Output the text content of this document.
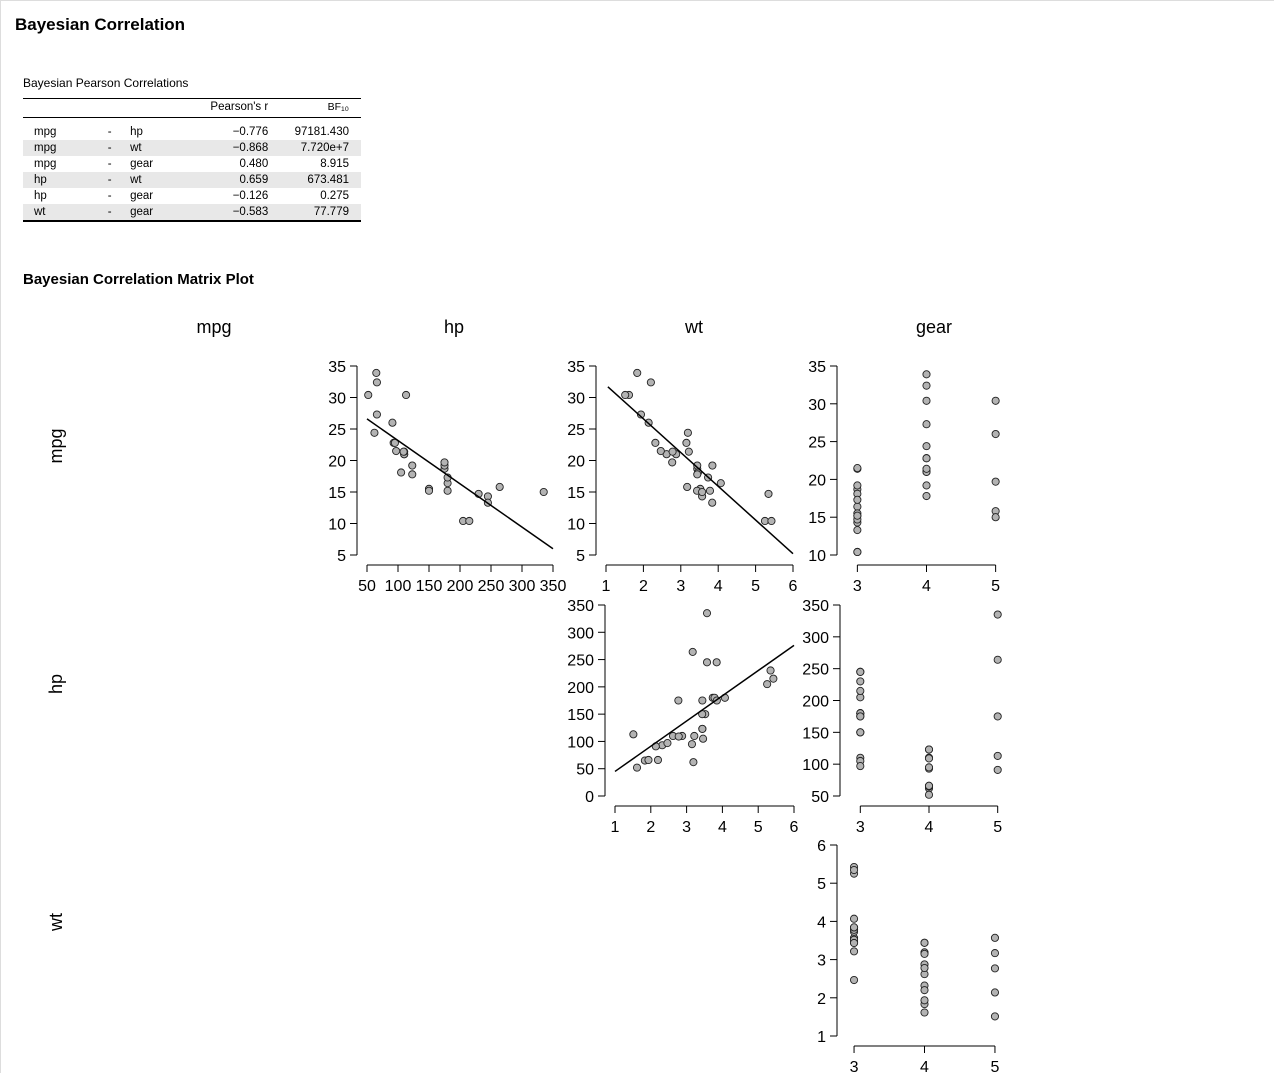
Bayesian Correlation
Bayesian Pearson Correlations
			Pearson's r	BF₁₀
mpg	-	hp	−0.776	97181.430
mpg	-	wt	−0.868	7.720e+7
mpg	-	gear	0.480	8.915
hp	-	wt	0.659	673.481
hp	-	gear	−0.126	0.275
wt	-	gear	−0.583	77.779
Bayesian Correlation Matrix Plot
mpg	hp	wt	gear
mpg
hp
wt
5
10
15
20
25
30
35
50 100 150 200 250 300 350
5
10
15
20
25
30
35
1 2 3 4 5 6
10
15
20
25
30
35
3	4	5
0
50
100
150
200
250
300
350
1 2 3 4 5 6
50
100
150
200
250
300
350
3	4	5
1
2
3
4
5
6
3	4	5
